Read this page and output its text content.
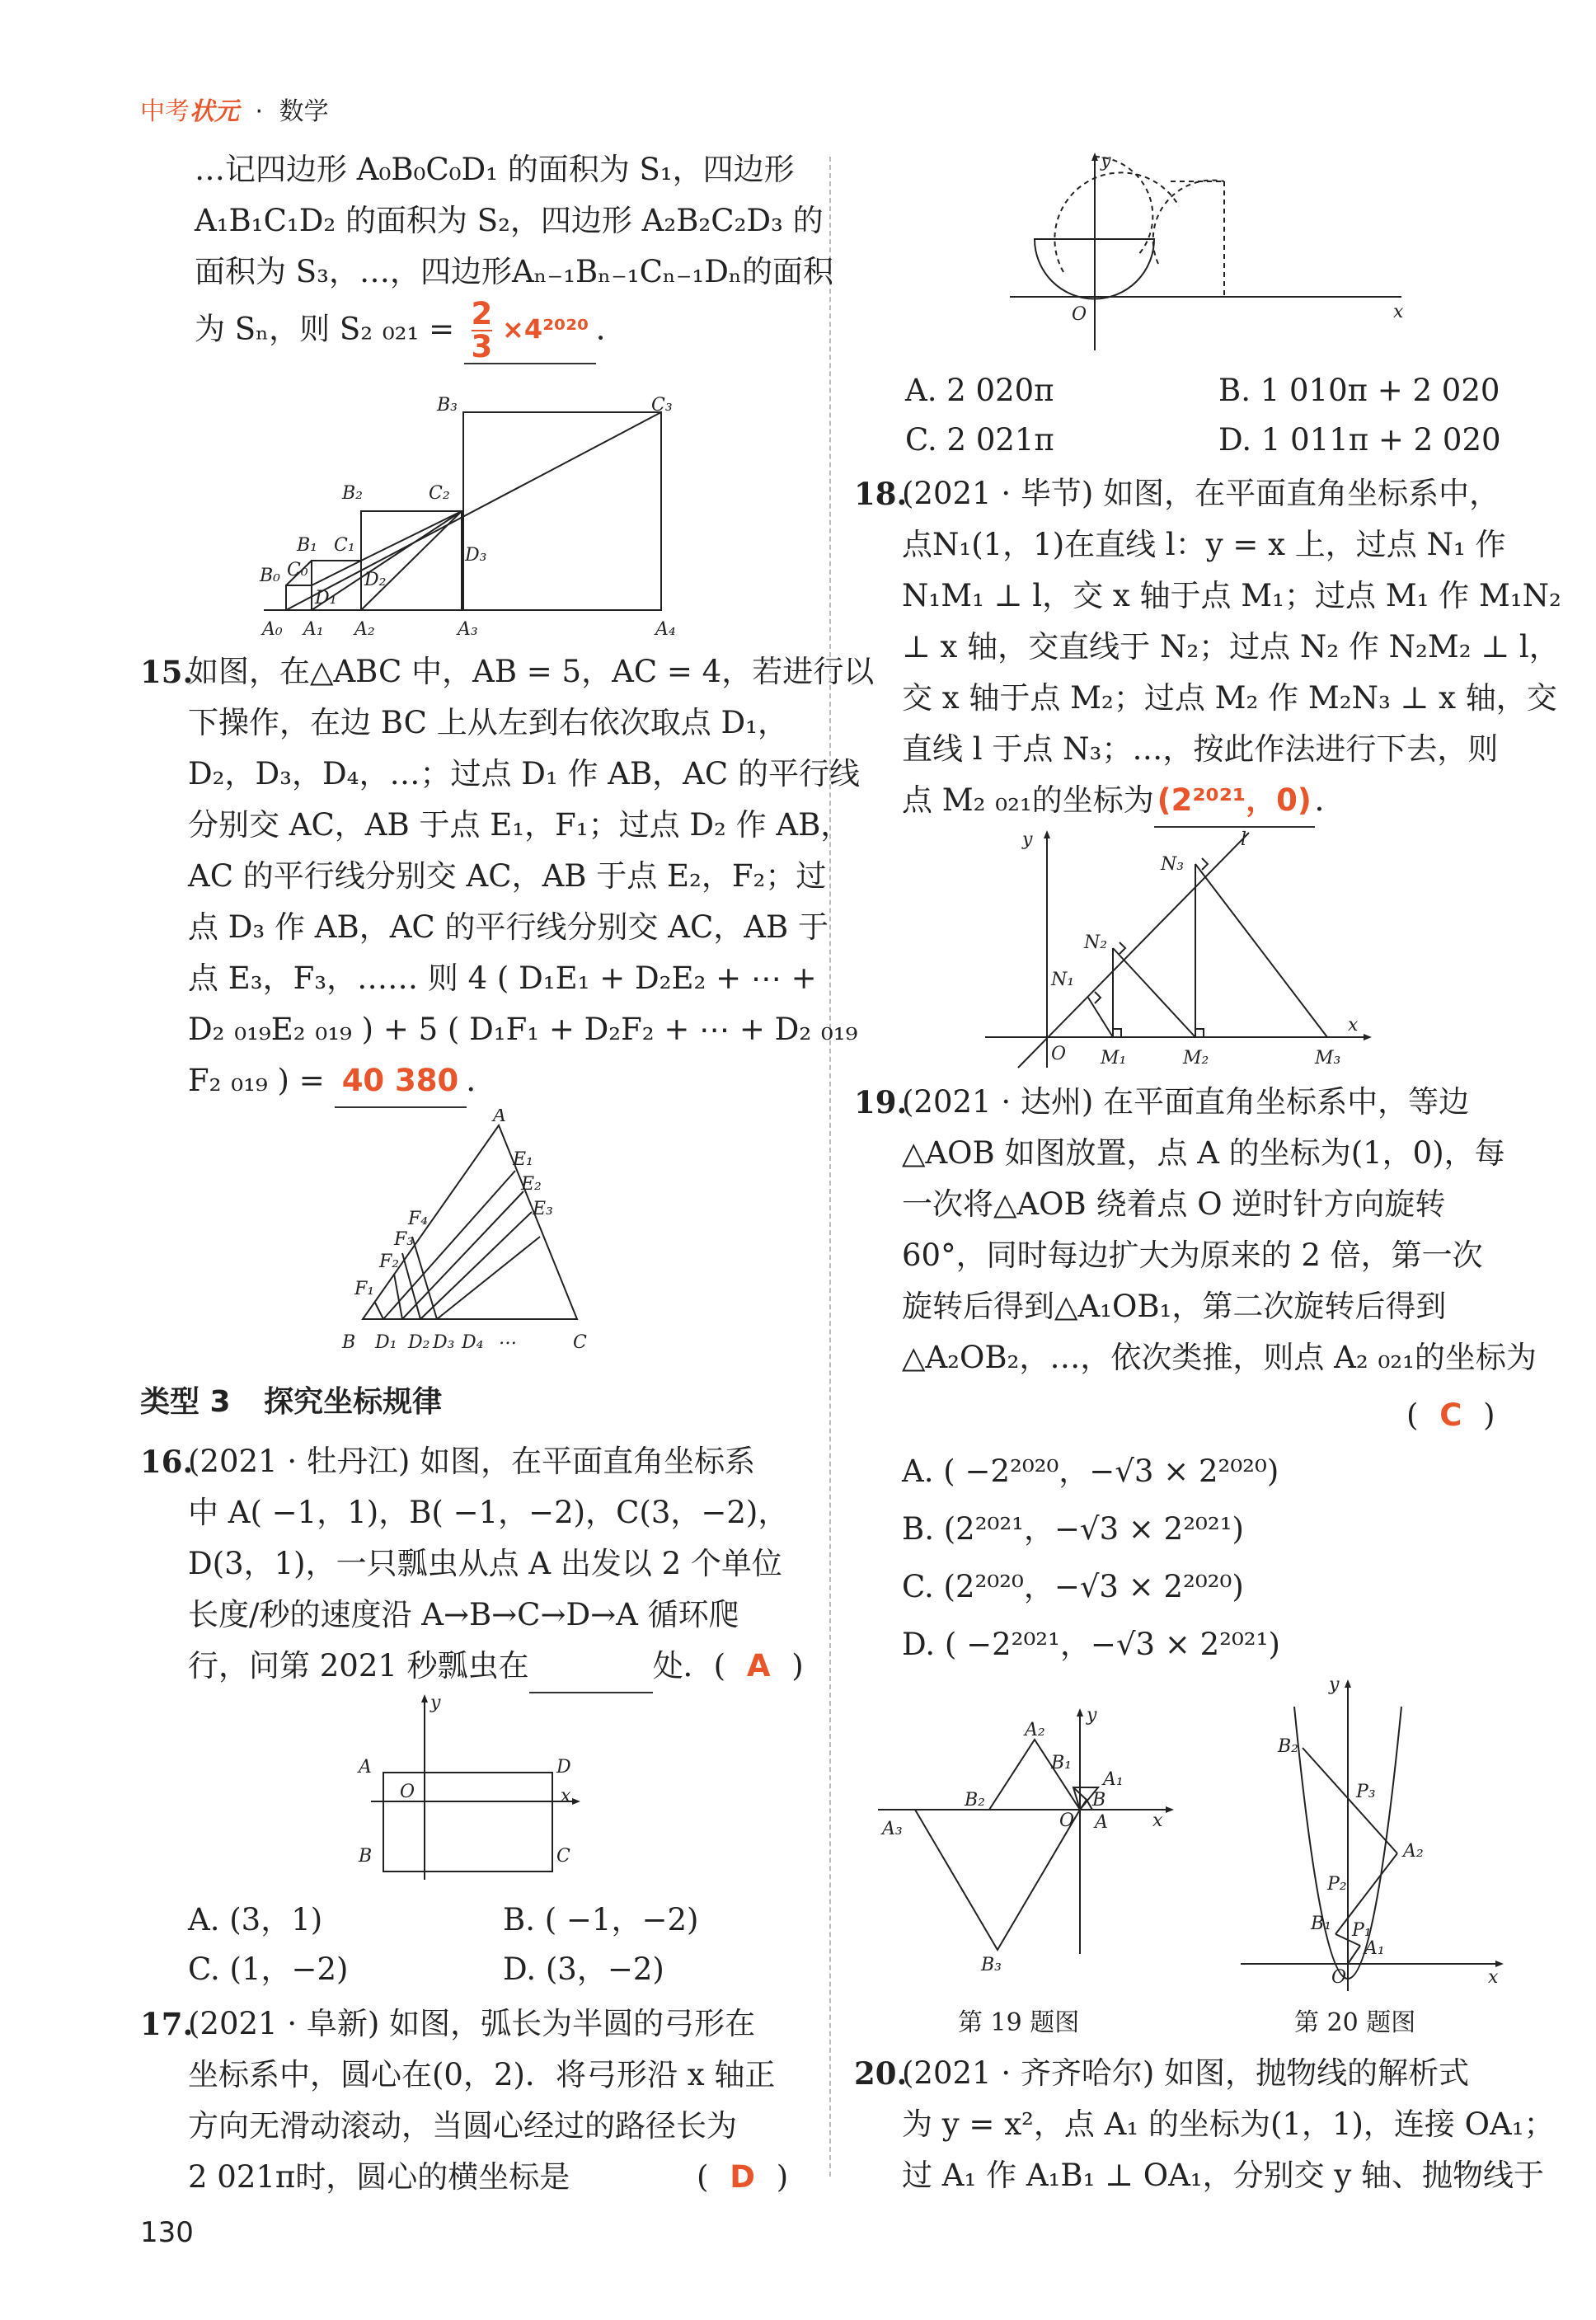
中考状元 · 数学
…记四边形 A₀B₀C₀D₁ 的面积为 S₁，四边形
A₁B₁C₁D₂ 的面积为 S₂，四边形 A₂B₂C₂D₃ 的
面积为 S₃，…，四边形Aₙ₋₁Bₙ₋₁Cₙ₋₁Dₙ的面积
为 Sₙ，则 S₂ $_{021} = \frac{2}{3} \times 4^{2020}$ ．
B₃	C₃
B₂	C₂
B₁ C₁
B₀ C₀
D₁
D₂
D₃
A₀ A₁ A₂	A₃	A₄
15.
如图，在△ABC 中，AB = 5，AC = 4，若进行以
下操作，在边 BC 上从左到右依次取点 D₁，
D₂，D₃，D₄，…；过点 D₁ 作 AB，AC 的平行线
分别交 AC，AB 于点 E₁，F₁；过点 D₂ 作 AB，
AC 的平行线分别交 AC，AB 于点 E₂，F₂；过
点 D₃ 作 AB，AC 的平行线分别交 AC，AB 于
点 E₃，F₃，…… 则 4 ( D₁E₁ + D₂E₂ + ⋯ +
D₂ ₀₁₉E₂ ₀₁₉ ) + 5 ( D₁F₁ + D₂F₂ + ⋯ + D₂ ₀₁₉
F₂ ₀₁₉ ) = 40 380 ．
A
E₁
E₂
E₃
F₄
F₃
F₂
F₁
B D₁ D₂ D₃ D₄ …	C
类型 3 探究坐标规律
16.
(2021 · 牡丹江) 如图，在平面直角坐标系
中 A( −1，1)，B( −1，−2)，C(3，−2)，
D(3，1)，一只瓢虫从点 A 出发以 2 个单位
长度/秒的速度沿 A→B→C→D→A 循环爬
行，问第 2021 秒瓢虫在	处．( A )
A	D
y
O	x
B	C
A. (3，1)	B. ( −1，−2)
C. (1，−2)	D. (3，−2)
17.
(2021 · 阜新) 如图，弧长为半圆的弓形在
坐标系中，圆心在(0，2)．将弓形沿 x 轴正
方向无滑动滚动，当圆心经过的路径长为
2 021π时，圆心的横坐标是	( D )
130
y
O	x
A. 2 020π	B. 1 010π + 2 020
C. 2 021π	D. 1 011π + 2 020
18.
(2021 · 毕节) 如图，在平面直角坐标系中，
点N₁(1，1)在直线 l：y = x 上，过点 N₁ 作
N₁M₁ ⊥ l，交 x 轴于点 M₁；过点 M₁ 作 M₁N₂
⊥ x 轴，交直线于 N₂；过点 N₂ 作 N₂M₂ ⊥ l，
交 x 轴于点 M₂；过点 M₂ 作 M₂N₃ ⊥ x 轴，交
直线 l 于点 N₃；…，按此作法进行下去，则
点 M₂ ₀₂₁的坐标为 (2²⁰²¹，0) ．
y	l
N₃
N₂
N₁
O M₁	M₂	M₃
x
19.
(2021 · 达州) 在平面直角坐标系中，等边
△AOB 如图放置，点 A 的坐标为(1，0)，每
一次将△AOB 绕着点 O 逆时针方向旋转
60°，同时每边扩大为原来的 2 倍，第一次
旋转后得到△A₁OB₁，第二次旋转后得到
△A₂OB₂，…，依次类推，则点 A₂ ₀₂₁的坐标为
( C )
A. ( −2²⁰²⁰，−√3 × 2²⁰²⁰)
B. (2²⁰²¹，−√3 × 2²⁰²¹)
C. (2²⁰²⁰，−√3 × 2²⁰²⁰)
D. ( −2²⁰²¹，−√3 × 2²⁰²¹)
A₂
y
B₁
A₁
B₂	B
O A x
A₃
B₃
第 19 题图
y
B₂
P₃
A₂
P₂
B₁ P₁
A₁
O	x
第 20 题图
20.
(2021 · 齐齐哈尔) 如图，抛物线的解析式
为 y = x²，点 A₁ 的坐标为(1，1)，连接 OA₁；
过 A₁ 作 A₁B₁ ⊥ OA₁，分别交 y 轴、抛物线于
